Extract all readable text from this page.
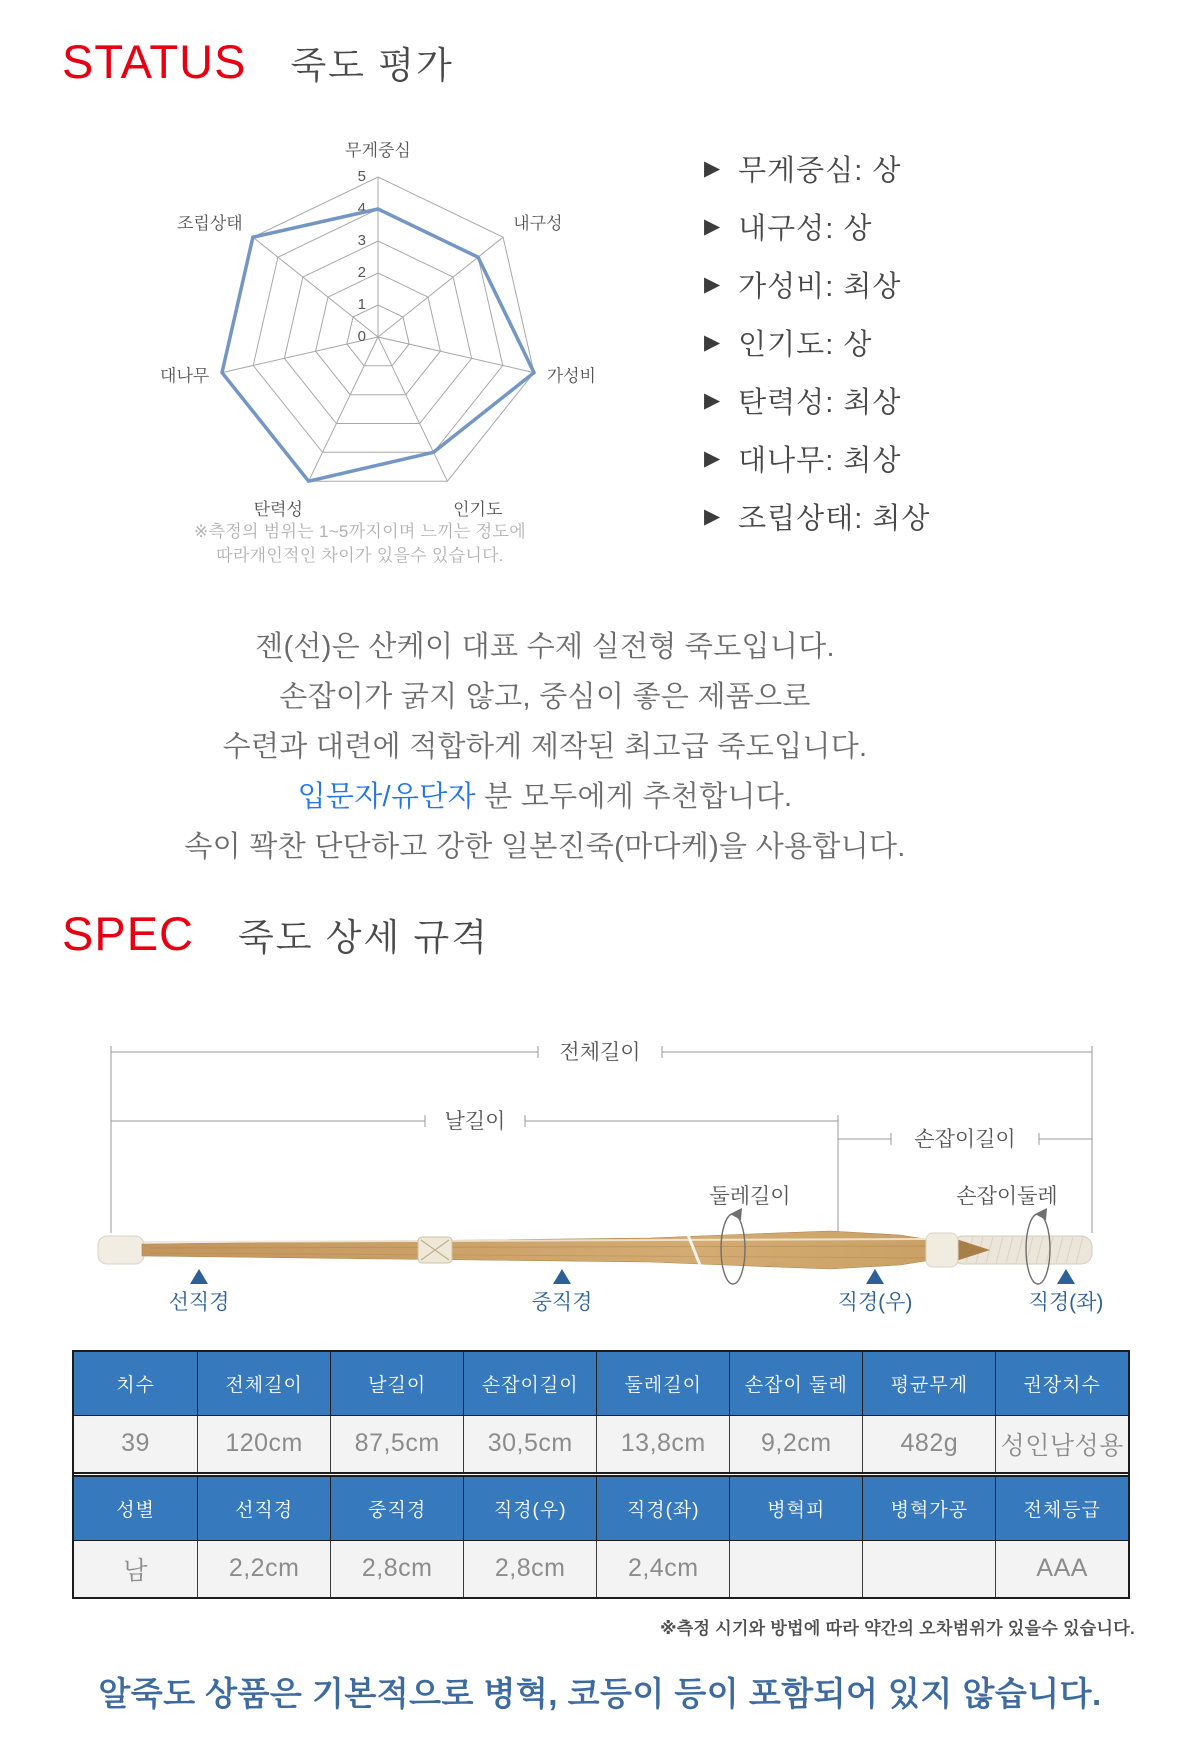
STATUS 죽도 평가
0
1
2
3
4
5
무게중심
내구성
가성비
인기도
탄력성
대나무
조립상태
▶ 무게중심: 상
▶ 내구성: 상
▶ 가성비: 최상
▶ 인기도: 상
▶ 탄력성: 최상
▶ 대나무: 최상
▶ 조립상태: 최상
※측정의 범위는 1~5까지이며 느끼는 정도에
따라개인적인 차이가 있을수 있습니다.

젠(선)은 산케이 대표 수제 실전형 죽도입니다.

손잡이가 굵지 않고, 중심이 좋은 제품으로

수련과 대련에 적합하게 제작된 최고급 죽도입니다.

입문자/유단자 분 모두에게 추천합니다.

속이 꽉찬 단단하고 강한 일본진죽(마다케)을 사용합니다.

SPEC 죽도 상세 규격
전체길이
날길이
손잡이길이
둘레길이	손잡이둘레
선직경	중직경	직경(우)	직경(좌)
치수	전체길이	날길이	손잡이길이	둘레길이	손잡이 둘레	평균무게	권장치수
39	120cm	87,5cm	30,5cm	13,8cm	9,2cm	482g	성인남성용

성별	선직경	중직경	직경(우)	직경(좌)	병혁피	병혁가공	전체등급
남	2,2cm	2,8cm	2,8cm	2,4cm			AAA
※측정 시기와 방법에 따라 약간의 오차범위가 있을수 있습니다.
알죽도 상품은 기본적으로 병혁, 코등이 등이 포함되어 있지 않습니다.
